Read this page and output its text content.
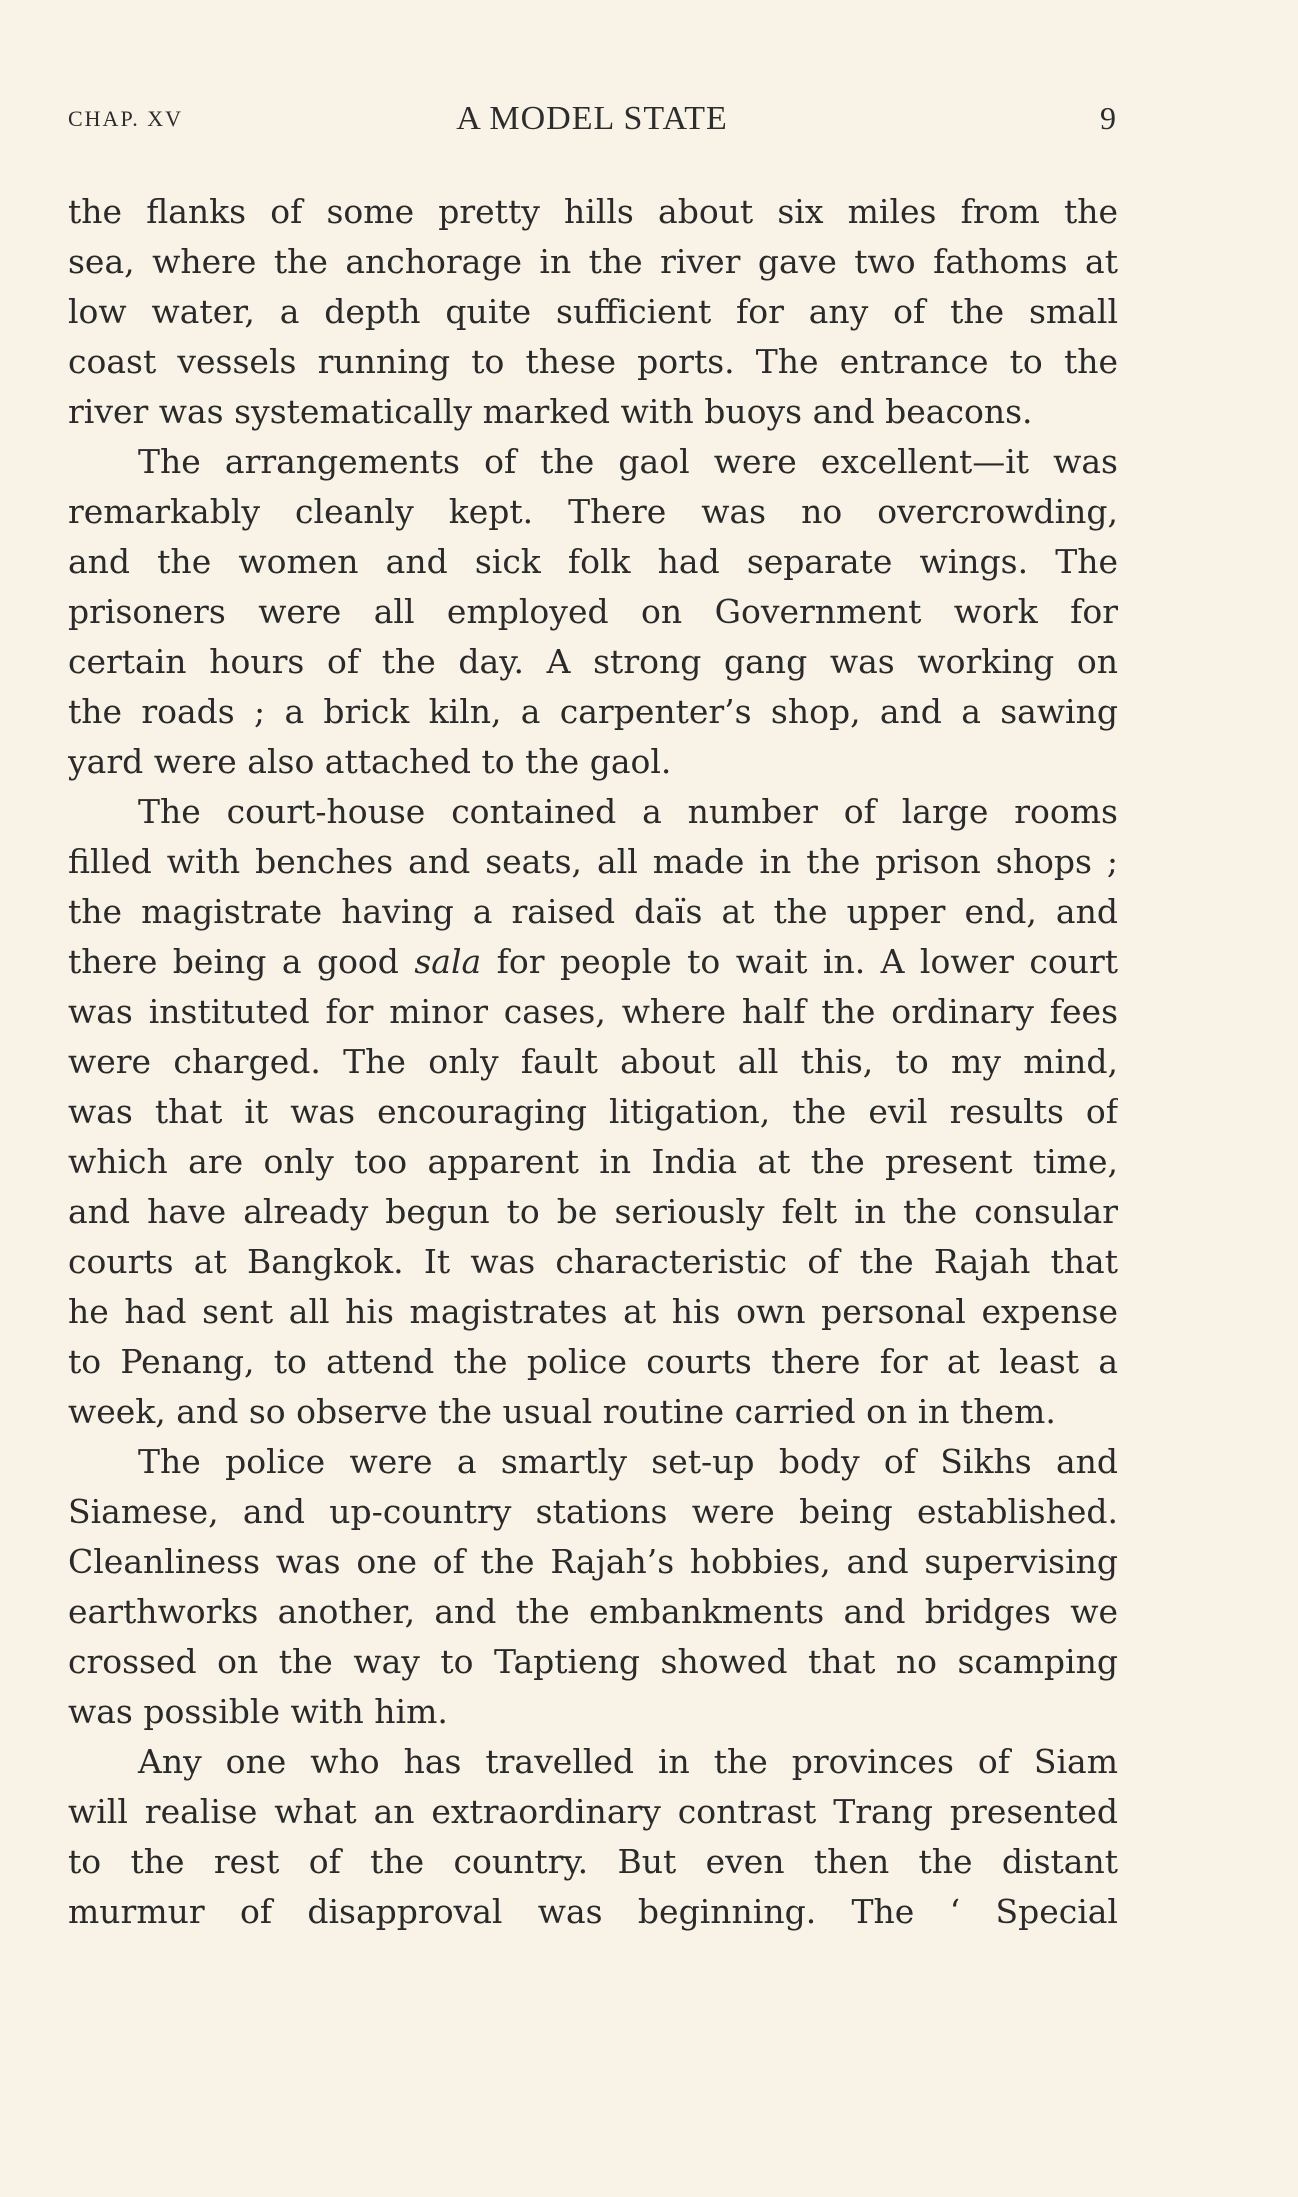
CHAP. XV	A MODEL STATE	9
the flanks of some pretty hills about six miles from the
sea, where the anchorage in the river gave two fathoms at
low water, a depth quite sufficient for any of the small
coast vessels running to these ports. The entrance to the
river was systematically marked with buoys and beacons.
The arrangements of the gaol were excellent—it was
remarkably cleanly kept. There was no overcrowding,
and the women and sick folk had separate wings. The
prisoners were all employed on Government work for
certain hours of the day. A strong gang was working on
the roads ; a brick kiln, a carpenter’s shop, and a sawing
yard were also attached to the gaol.
The court-house contained a number of large rooms
filled with benches and seats, all made in the prison shops ;
the magistrate having a raised daïs at the upper end, and
there being a good sala for people to wait in. A lower court
was instituted for minor cases, where half the ordinary fees
were charged. The only fault about all this, to my mind,
was that it was encouraging litigation, the evil results of
which are only too apparent in India at the present time,
and have already begun to be seriously felt in the consular
courts at Bangkok. It was characteristic of the Rajah that
he had sent all his magistrates at his own personal expense
to Penang, to attend the police courts there for at least a
week, and so observe the usual routine carried on in them.
The police were a smartly set-up body of Sikhs and
Siamese, and up-country stations were being established.
Cleanliness was one of the Rajah’s hobbies, and supervising
earthworks another, and the embankments and bridges we
crossed on the way to Taptieng showed that no scamping
was possible with him.
Any one who has travelled in the provinces of Siam
will realise what an extraordinary contrast Trang presented
to the rest of the country. But even then the distant
murmur of disapproval was beginning. The ‘ Special
